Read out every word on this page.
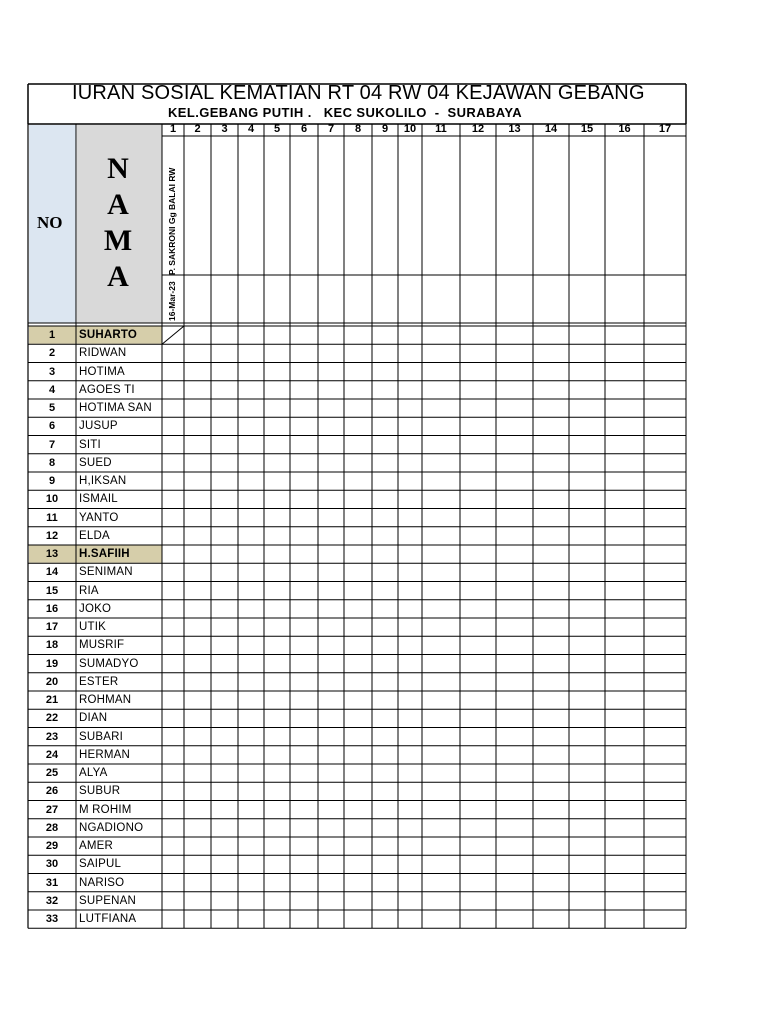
IURAN SOSIAL KEMATIAN RT 04 RW 04 KEJAWAN GEBANG
KEL.GEBANG PUTIH .   KEC SUKOLILO  -  SURABAYA
NO
N
A
M
A
1	2	3	4	5	6	7	8	9	10	11	12	13	14	15	16	17
P. SAKRONI Gg BALAI RW
16-Mar-23
1	SUHARTO
2	RIDWAN
3	HOTIMA
4	AGOES TI
5	HOTIMA SAN
6	JUSUP
7	SITI
8	SUED
9	H,IKSAN
10	ISMAIL
11	YANTO
12	ELDA
13	H.SAFIIH
14	SENIMAN
15	RIA
16	JOKO
17	UTIK
18	MUSRIF
19	SUMADYO
20	ESTER
21	ROHMAN
22	DIAN
23	SUBARI
24	HERMAN
25	ALYA
26	SUBUR
27	M ROHIM
28	NGADIONO
29	AMER
30	SAIPUL
31	NARISO
32	SUPENAN
33	LUTFIANA
